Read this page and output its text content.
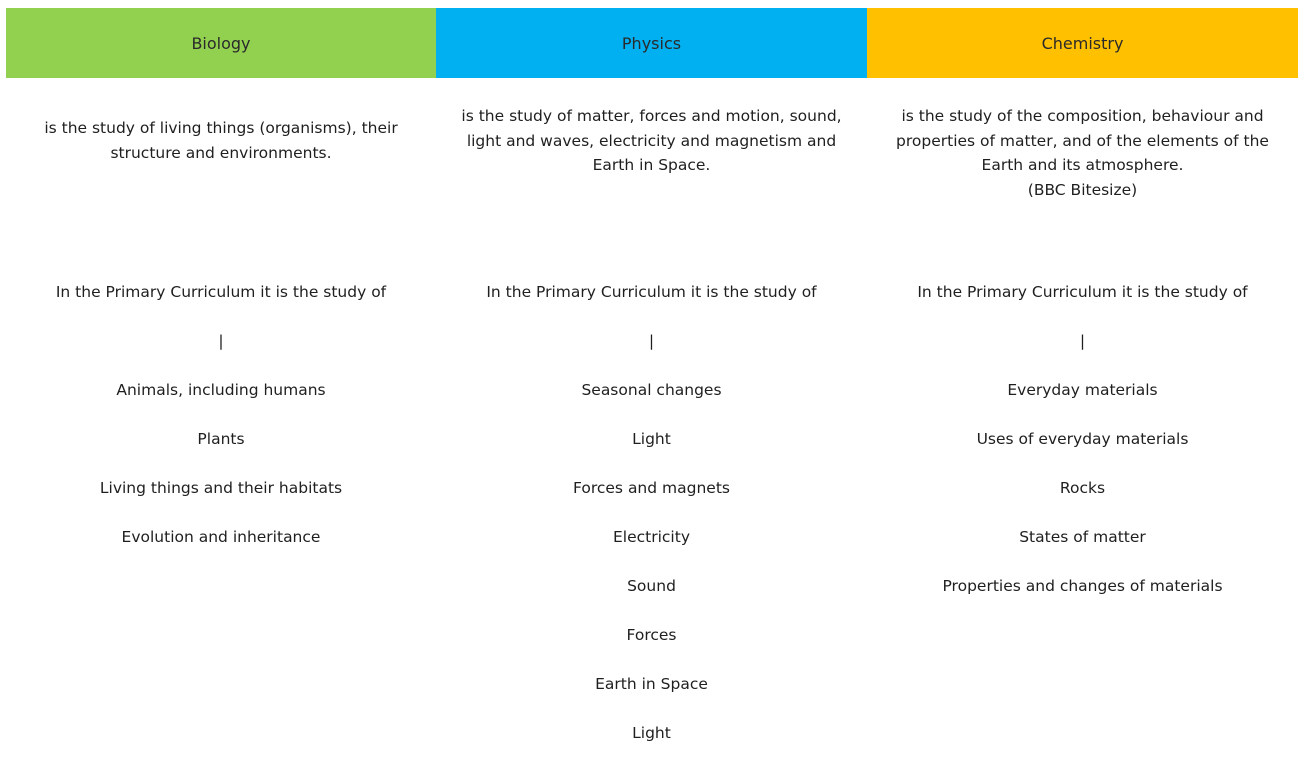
Biology
is the study of living things (organisms), their
structure and environments.

In the Primary Curriculum it is the study of

|

Animals, including humans

Plants

Living things and their habitats

Evolution and inheritance

Physics
is the study of matter, forces and motion, sound,
light and waves, electricity and magnetism and
Earth in Space.

In the Primary Curriculum it is the study of

|

Seasonal changes

Light

Forces and magnets

Electricity

Sound

Forces

Earth in Space

Light

Chemistry
is the study of the composition, behaviour and
properties of matter, and of the elements of the
Earth and its atmosphere.
(BBC Bitesize)

In the Primary Curriculum it is the study of

|

Everyday materials

Uses of everyday materials

Rocks

States of matter

Properties and changes of materials
